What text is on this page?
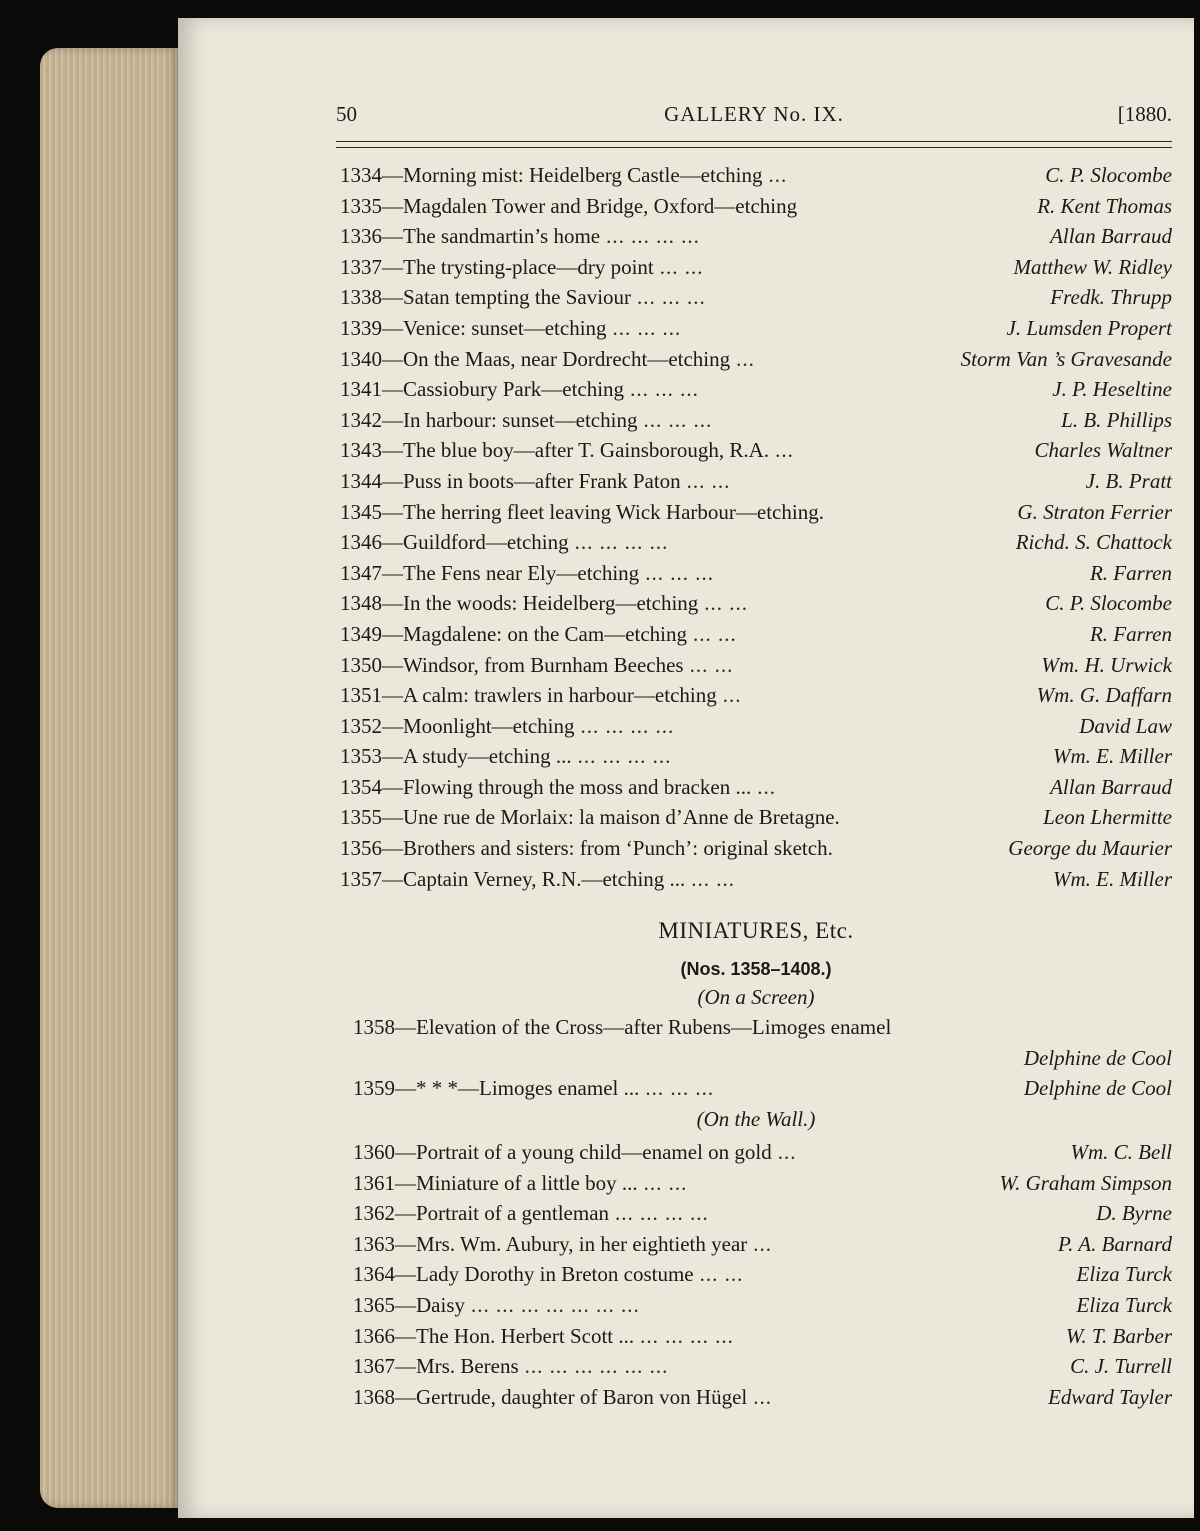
50	GALLERY No. IX.	[1880.
1334—Morning mist: Heidelberg Castle—etching ...	C. P. Slocombe
1335—Magdalen Tower and Bridge, Oxford—etching	R. Kent Thomas
1336—The sandmartin’s home ... ... ... ...	Allan Barraud
1337—The trysting-place—dry point ... ...	Matthew W. Ridley
1338—Satan tempting the Saviour ... ... ...	Fredk. Thrupp
1339—Venice: sunset—etching ... ... ...	J. Lumsden Propert
1340—On the Maas, near Dordrecht—etching ...	Storm Van ’s Gravesande
1341—Cassiobury Park—etching ... ... ...	J. P. Heseltine
1342—In harbour: sunset—etching ... ... ...	L. B. Phillips
1343—The blue boy—after T. Gainsborough, R.A. ...	Charles Waltner
1344—Puss in boots—after Frank Paton ... ...	J. B. Pratt
1345—The herring fleet leaving Wick Harbour—etching.	G. Straton Ferrier
1346—Guildford—etching ... ... ... ...	Richd. S. Chattock
1347—The Fens near Ely—etching ... ... ...	R. Farren
1348—In the woods: Heidelberg—etching ... ...	C. P. Slocombe
1349—Magdalene: on the Cam—etching ... ...	R. Farren
1350—Windsor, from Burnham Beeches ... ...	Wm. H. Urwick
1351—A calm: trawlers in harbour—etching ...	Wm. G. Daffarn
1352—Moonlight—etching ... ... ... ...	David Law
1353—A study—etching ... ... ... ... ...	Wm. E. Miller
1354—Flowing through the moss and bracken ... ...	Allan Barraud
1355—Une rue de Morlaix: la maison d’Anne de Bretagne.	Leon Lhermitte
1356—Brothers and sisters: from ‘Punch’: original sketch.	George du Maurier
1357—Captain Verney, R.N.—etching ... ... ...	Wm. E. Miller
MINIATURES, Etc.
(Nos. 1358–1408.)
(On a Screen)
1358—Elevation of the Cross—after Rubens—Limoges enamel
Delphine de Cool
1359—* * *—Limoges enamel ... ... ... ...	Delphine de Cool
(On the Wall.)
1360—Portrait of a young child—enamel on gold ...	Wm. C. Bell
1361—Miniature of a little boy ... ... ...	W. Graham Simpson
1362—Portrait of a gentleman ... ... ... ...	D. Byrne
1363—Mrs. Wm. Aubury, in her eightieth year ...	P. A. Barnard
1364—Lady Dorothy in Breton costume ... ...	Eliza Turck
1365—Daisy ... ... ... ... ... ... ...	Eliza Turck
1366—The Hon. Herbert Scott ... ... ... ... ...	W. T. Barber
1367—Mrs. Berens ... ... ... ... ... ...	C. J. Turrell
1368—Gertrude, daughter of Baron von Hügel ...	Edward Tayler
